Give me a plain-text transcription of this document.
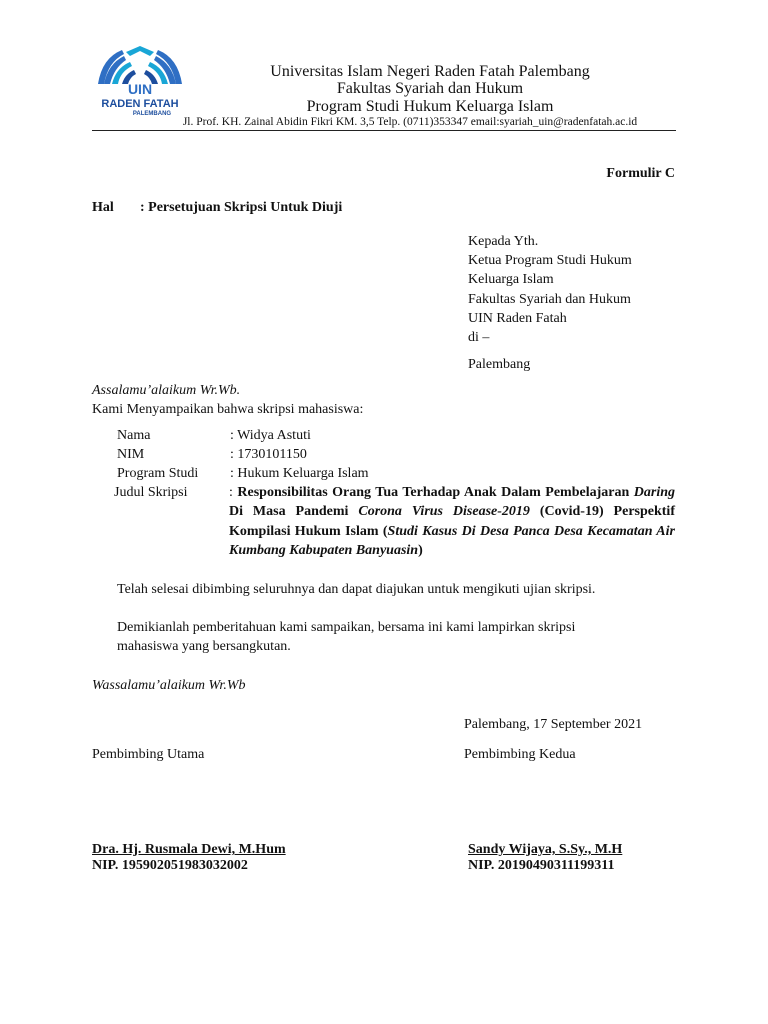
UIN
RADEN FATAH
PALEMBANG
Universitas Islam Negeri Raden Fatah Palembang
Fakultas Syariah dan Hukum
Program Studi Hukum Keluarga Islam
Jl. Prof. KH. Zainal Abidin Fikri KM. 3,5 Telp. (0711)353347 email:syariah_uin@radenfatah.ac.id
Formulir C
Hal : Persetujuan Skripsi Untuk Diuji
Kepada Yth.
Ketua Program Studi Hukum
Keluarga Islam
Fakultas Syariah dan Hukum
UIN Raden Fatah
di –
Palembang
Assalamu’alaikum Wr.Wb.
Kami Menyampaikan bahwa skripsi mahasiswa:
Nama	: Widya Astuti
NIM	: 1730101150
Program Studi : Hukum Keluarga Islam
Judul Skripsi	: Responsibilitas Orang Tua Terhadap Anak Dalam Pembelajaran Daring Di Masa Pandemi Corona Virus Disease-2019 (Covid-19) Perspektif Kompilasi Hukum Islam (Studi Kasus Di Desa Panca Desa Kecamatan Air Kumbang Kabupaten Banyuasin)
Telah selesai dibimbing seluruhnya dan dapat diajukan untuk mengikuti ujian skripsi.
Demikianlah pemberitahuan kami sampaikan, bersama ini kami lampirkan skripsi
mahasiswa yang bersangkutan.
Wassalamu’alaikum Wr.Wb
Palembang, 17 September 2021
Pembimbing Utama	Pembimbing Kedua
Dra. Hj. Rusmala Dewi, M.Hum
NIP. 195902051983032002
Sandy Wijaya, S.Sy., M.H
NIP. 20190490311199311
